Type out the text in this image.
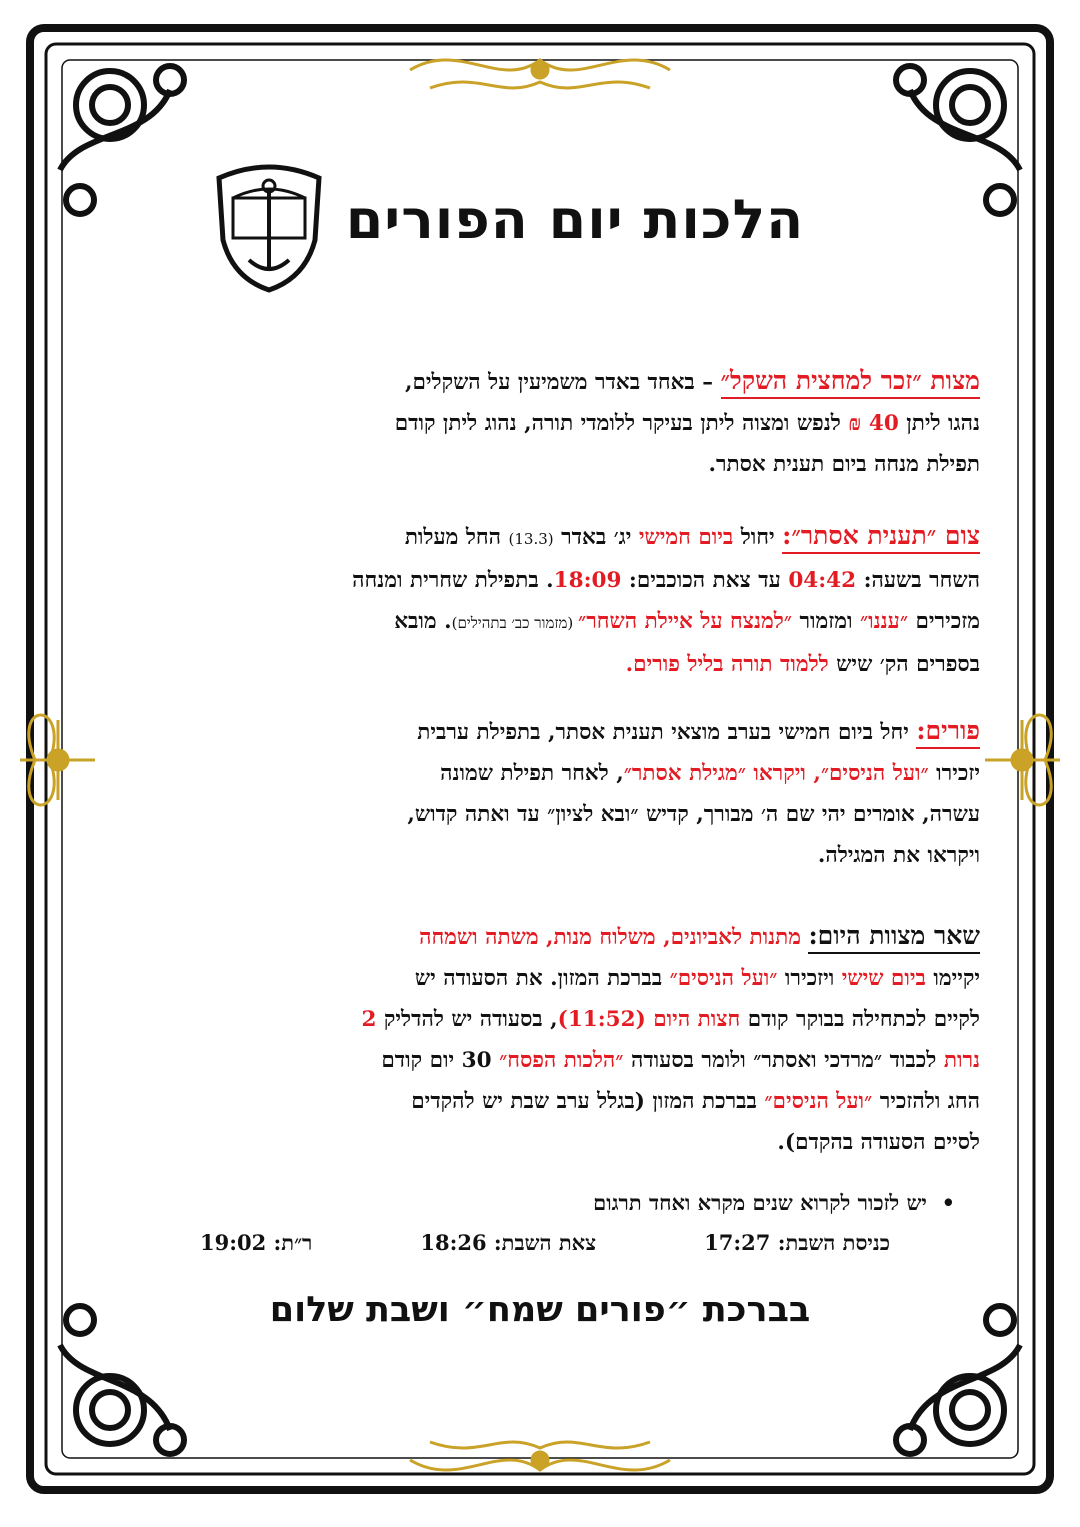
הלכות יום הפורים
מצות ״זכר למחצית השקל״ – באחד באדר משמיעין על השקלים,
נהגו ליתן 40 ₪ לנפש ומצוה ליתן בעיקר ללומדי תורה, נהוג ליתן קודם
תפילת מנחה ביום תענית אסתר.
צום ״תענית אסתר״: יחול ביום חמישי יג׳ באדר (13.3) החל מעלות
השחר בשעה: 04:42 עד צאת הכוכבים: 18:09. בתפילת שחרית ומנחה
מזכירים ״עננו״ ומזמור ״למנצח על איילת השחר״ (מזמור כב׳ בתהילים). מובא
בספרים הק׳ שיש ללמוד תורה בליל פורים.
פורים: יחל ביום חמישי בערב מוצאי תענית אסתר, בתפילת ערבית
יזכירו ״ועל הניסים״, ויקראו ״מגילת אסתר״, לאחר תפילת שמונה
עשרה, אומרים יהי שם ה׳ מבורך, קדיש ״ובא לציון״ עד ואתה קדוש,
ויקראו את המגילה.
שאר מצוות היום: מתנות לאביונים, משלוח מנות, משתה ושמחה
יקיימו ביום שישי ויזכירו ״ועל הניסים״ בברכת המזון. את הסעודה יש
לקיים לכתחילה בבוקר קודם חצות היום (11:52), בסעודה יש להדליק 2
נרות לכבוד ״מרדכי ואסתר״ ולומר בסעודה ״הלכות הפסח״ 30 יום קודם
החג ולהזכיר ״ועל הניסים״ בברכת המזון (בגלל ערב שבת יש להקדים
לסיים הסעודה בהקדם).
•  יש לזכור לקרוא שנים מקרא ואחד תרגום
כניסת השבת: 17:27
צאת השבת: 18:26
ר״ת: 19:02
בברכת ״פורים שמח״ ושבת שלום
